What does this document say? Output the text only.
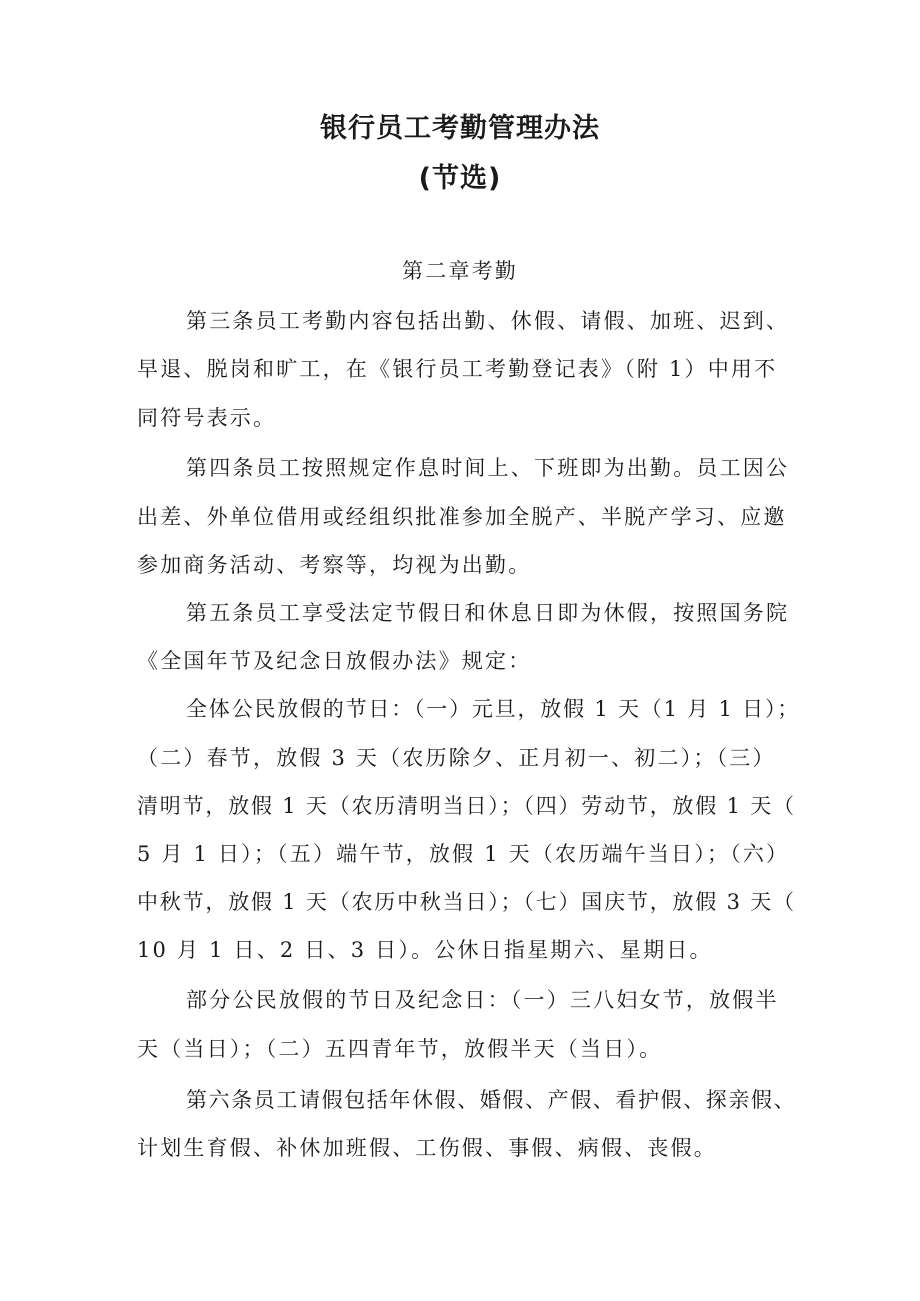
银行员工考勤管理办法
(节选)
第二章考勤
第三条员工考勤内容包括出勤、休假、请假、加班、迟到、
早退、脱岗和旷工，在《银行员工考勤登记表》（附 1）中用不
同符号表示。
第四条员工按照规定作息时间上、下班即为出勤。员工因公
出差、外单位借用或经组织批准参加全脱产、半脱产学习、应邀
参加商务活动、考察等，均视为出勤。
第五条员工享受法定节假日和休息日即为休假，按照国务院
《全国年节及纪念日放假办法》规定：
全体公民放假的节日：（一）元旦，放假 1 天（1 月 1 日）；
（二）春节，放假 3 天（农历除夕、正月初一、初二）；（三）
清明节，放假 1 天（农历清明当日）；（四）劳动节，放假 1 天（
5 月 1 日）；（五）端午节，放假 1 天（农历端午当日）；（六）
中秋节，放假 1 天（农历中秋当日）；（七）国庆节，放假 3 天（
10 月 1 日、2 日、3 日）。公休日指星期六、星期日。
部分公民放假的节日及纪念日：（一）三八妇女节，放假半
天（当日）；（二）五四青年节，放假半天（当日）。
第六条员工请假包括年休假、婚假、产假、看护假、探亲假、
计划生育假、补休加班假、工伤假、事假、病假、丧假。
